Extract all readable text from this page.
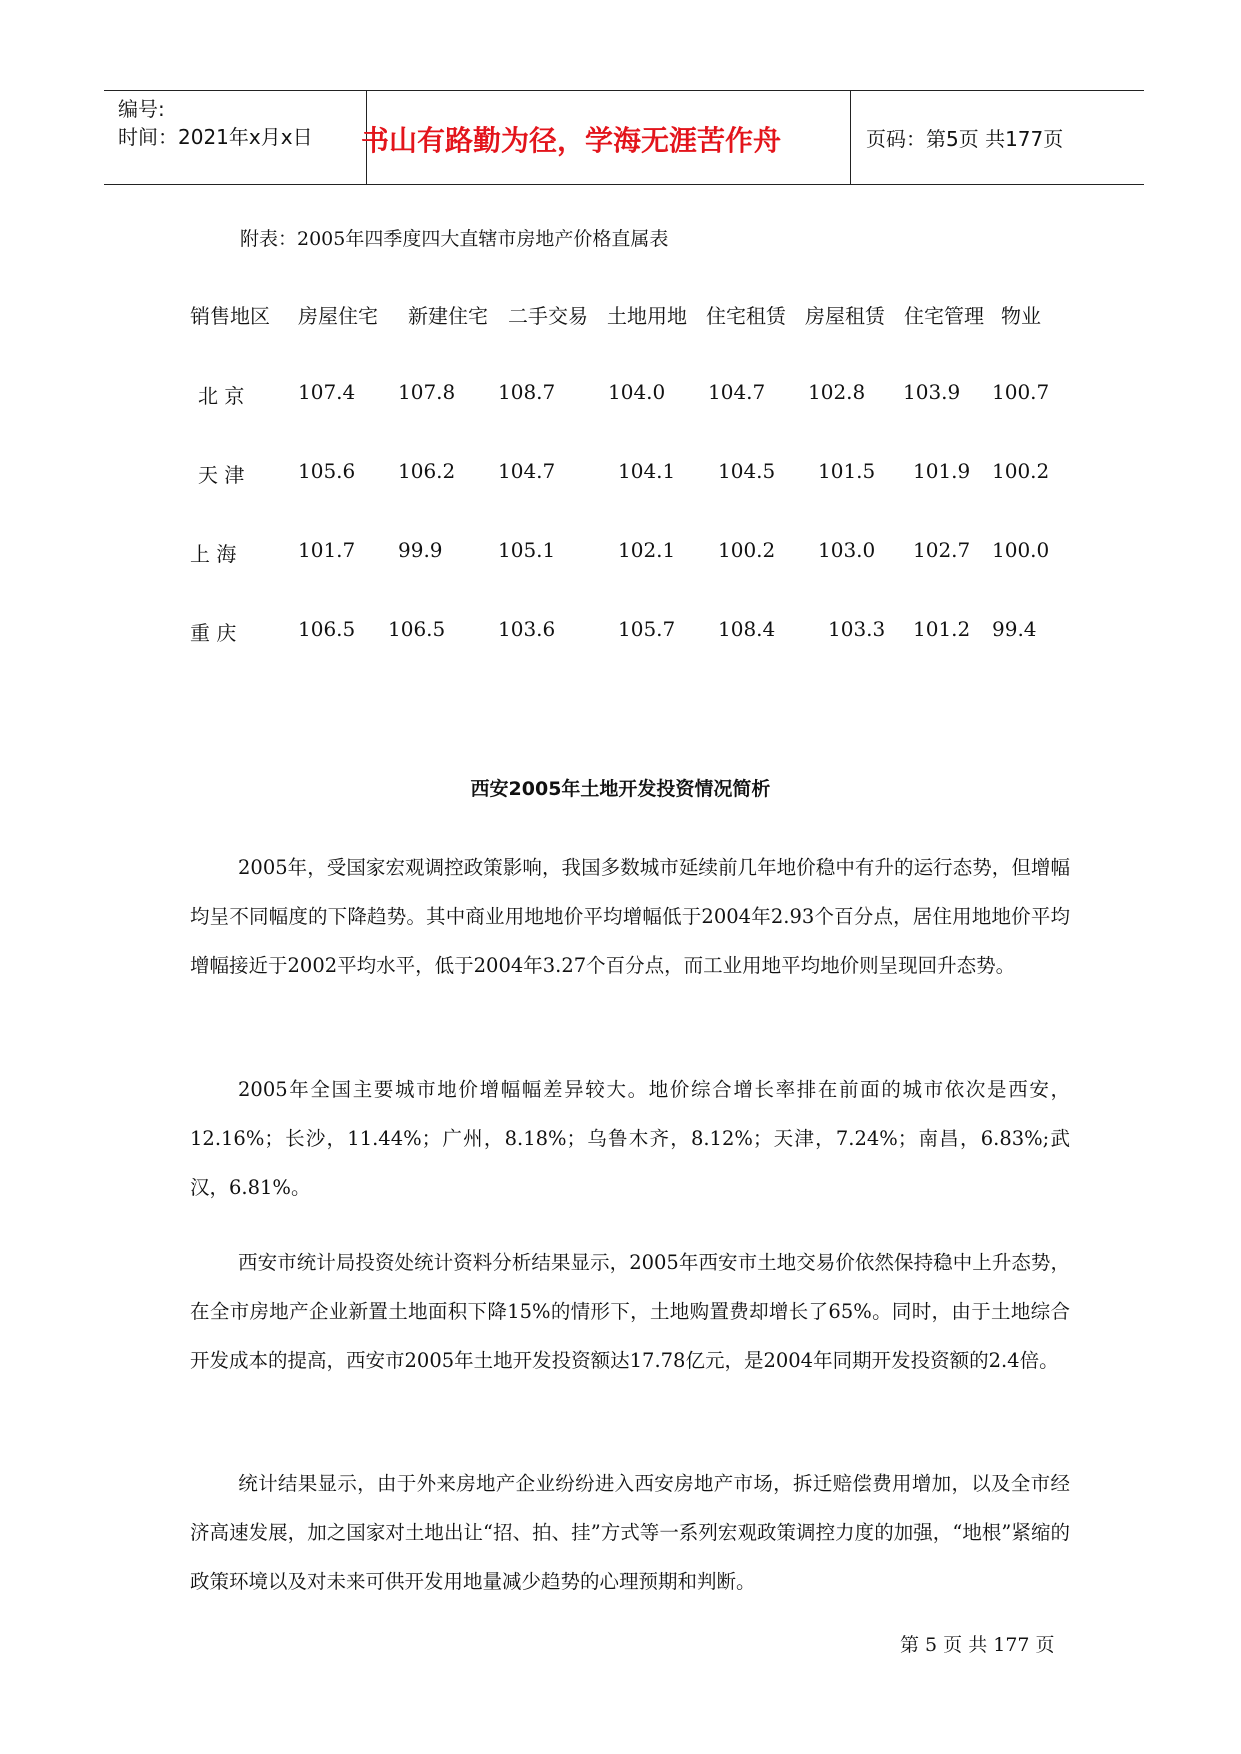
编号:
时间：2021年x月x日	书山有路勤为径，学海无涯苦作舟	页码：第5页 共177页
附表：2005年四季度四大直辖市房地产价格直属表
销售地区 房屋住宅 新建住宅 二手交易 土地用地 住宅租赁 房屋租赁 住宅管理 物业
北 京	107.4 107.8 108.7	104.0 104.7 102.8 103.9 100.7
天 津	105.6 106.2 104.7	104.1 104.5 101.5 101.9 100.2
上 海	101.7 99.9	105.1	102.1 100.2 103.0 102.7 100.0
重 庆	106.5 106.5	103.6	105.7 108.4	103.3 101.2 99.4
西安2005年土地开发投资情况简析
2005年，受国家宏观调控政策影响，我国多数城市延续前几年地价稳中有升的运行态势，但增幅均呈不同幅度的下降趋势。其中商业用地地价平均增幅低于2004年2.93个百分点，居住用地地价平均增幅接近于2002平均水平，低于2004年3.27个百分点，而工业用地平均地价则呈现回升态势。
2005年全国主要城市地价增幅幅差异较大。地价综合增长率排在前面的城市依次是西安，12.16%；长沙，11.44%；广州，8.18%；乌鲁木齐，8.12%；天津，7.24%；南昌，6.83%;武汉，6.81%。
西安市统计局投资处统计资料分析结果显示，2005年西安市土地交易价依然保持稳中上升态势，在全市房地产企业新置土地面积下降15%的情形下，土地购置费却增长了65%。同时，由于土地综合开发成本的提高，西安市2005年土地开发投资额达17.78亿元，是2004年同期开发投资额的2.4倍。
统计结果显示，由于外来房地产企业纷纷进入西安房地产市场，拆迁赔偿费用增加，以及全市经济高速发展，加之国家对土地出让“招、拍、挂”方式等一系列宏观政策调控力度的加强，“地根”紧缩的政策环境以及对未来可供开发用地量减少趋势的心理预期和判断。
第 5 页 共 177 页
